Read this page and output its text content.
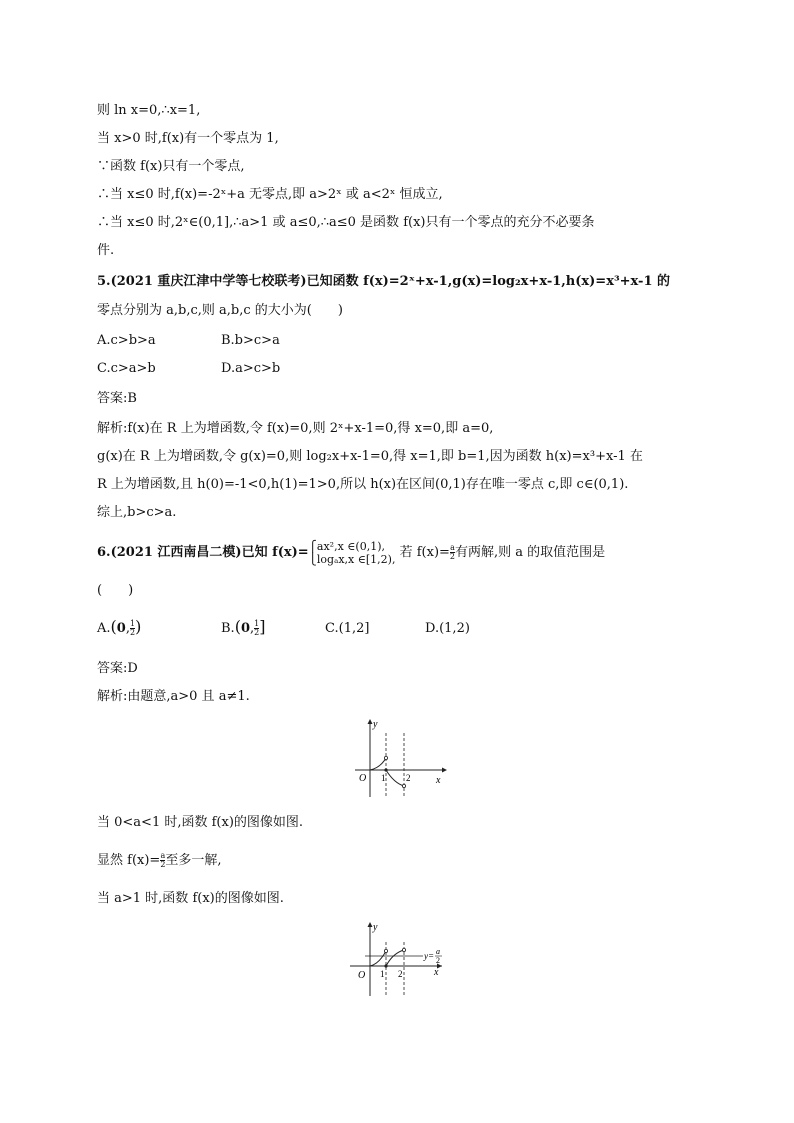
则 ln x=0,∴x=1,
当 x>0 时,f(x)有一个零点为 1,
∵函数 f(x)只有一个零点,
∴当 x≤0 时,f(x)=-2ˣ+a 无零点,即 a>2ˣ 或 a<2ˣ 恒成立,
∴当 x≤0 时,2ˣ∈(0,1],∴a>1 或 a≤0,∴a≤0 是函数 f(x)只有一个零点的充分不必要条
件.
5.(2021 重庆江津中学等七校联考)已知函数 f(x)=2ˣ+x-1,g(x)=log₂x+x-1,h(x)=x³+x-1 的
零点分别为 a,b,c,则 a,b,c 的大小为(　　)
A.c>b>a	B.b>c>a
C.c>a>b	D.a>c>b
答案:B
解析:f(x)在 R 上为增函数,令 f(x)=0,则 2ˣ+x-1=0,得 x=0,即 a=0,
g(x)在 R 上为增函数,令 g(x)=0,则 log₂x+x-1=0,得 x=1,即 b=1,因为函数 h(x)=x³+x-1 在
R 上为增函数,且 h(0)=-1<0,h(1)=1>0,所以 h(x)在区间(0,1)存在唯一零点 c,即 c∈(0,1).
综上,b>c>a.
6.(2021 江西南昌二模)已知 f(x)=⎧
⎩ax²,x ∈(0,1),
logₐx,x ∈[1,2), 若 $f(x)= \frac{a}{2}$ 有两解,则 a 的取值范围是
(　　)
A.(0, $\frac{1}{2}$ )	B.(0, $\frac{1}{2}$ ]	C.(1,2]	D.(1,2)
答案:D
解析:由题意,a>0 且 a≠1.
y
x
O 1 2
当 0<a<1 时,函数 f(x)的图像如图.
显然 $f(x)= \frac{a}{2}$ 至多一解,
当 a>1 时,函数 f(x)的图像如图.
y
x
O 1 2
y= a
2
